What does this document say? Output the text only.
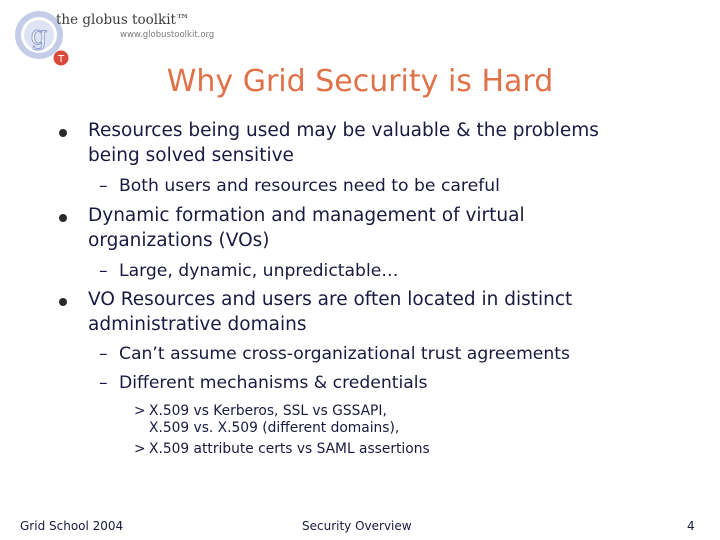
g
T
the globus toolkit™
www.globustoolkit.org
Why Grid Security is Hard
Resources being used may be valuable & the problems
being solved sensitive
– Both users and resources need to be careful
Dynamic formation and management of virtual
organizations (VOs)
– Large, dynamic, unpredictable…
VO Resources and users are often located in distinct
administrative domains
– Can’t assume cross-organizational trust agreements
– Different mechanisms & credentials
> X.509 vs Kerberos, SSL vs GSSAPI,
X.509 vs. X.509 (different domains),
> X.509 attribute certs vs SAML assertions
Grid School 2004	Security Overview	4
